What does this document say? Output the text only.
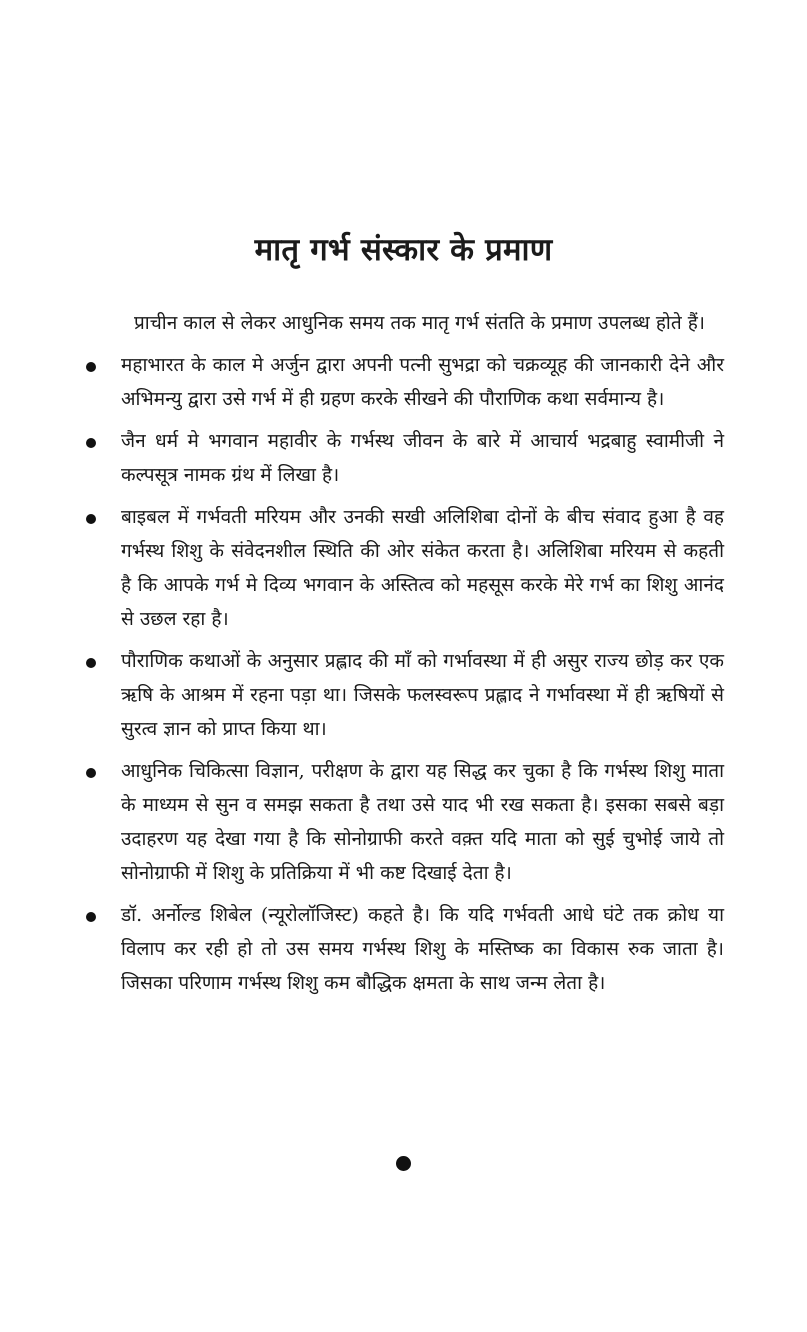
मातृ गर्भ संस्कार के प्रमाण

प्राचीन काल से लेकर आधुनिक समय तक मातृ गर्भ संतति के प्रमाण उपलब्ध होते हैं।

महाभारत के काल मे अर्जुन द्वारा अपनी पत्नी सुभद्रा को चक्रव्यूह की जानकारी देने और अभिमन्यु द्वारा उसे गर्भ में ही ग्रहण करके सीखने की पौराणिक कथा सर्वमान्य है।
जैन धर्म मे भगवान महावीर के गर्भस्थ जीवन के बारे में आचार्य भद्रबाहु स्वामीजी ने कल्पसूत्र नामक ग्रंथ में लिखा है।
बाइबल में गर्भवती मरियम और उनकी सखी अलिशिबा दोनों के बीच संवाद हुआ है वह गर्भस्थ शिशु के संवेदनशील स्थिति की ओर संकेत करता है। अलिशिबा मरियम से कहती है कि आपके गर्भ मे दिव्य भगवान के अस्तित्व को महसूस करके मेरे गर्भ का शिशु आनंद से उछल रहा है।
पौराणिक कथाओं के अनुसार प्रह्लाद की माँ को गर्भावस्था में ही असुर राज्य छोड़ कर एक ऋषि के आश्रम में रहना पड़ा था। जिसके फलस्वरूप प्रह्लाद ने गर्भावस्था में ही ऋषियों से सुरत्व ज्ञान को प्राप्त किया था।
आधुनिक चिकित्सा विज्ञान, परीक्षण के द्वारा यह सिद्ध कर चुका है कि गर्भस्थ शिशु माता के माध्यम से सुन व समझ सकता है तथा उसे याद भी रख सकता है। इसका सबसे बड़ा उदाहरण यह देखा गया है कि सोनोग्राफी करते वक़्त यदि माता को सुई चुभोई जाये तो सोनोग्राफी में शिशु के प्रतिक्रिया में भी कष्ट दिखाई देता है।
डॉ. अर्नोल्ड शिबेल (न्यूरोलॉजिस्ट) कहते है। कि यदि गर्भवती आधे घंटे तक क्रोध या विलाप कर रही हो तो उस समय गर्भस्थ शिशु के मस्तिष्क का विकास रुक जाता है। जिसका परिणाम गर्भस्थ शिशु कम बौद्धिक क्षमता के साथ जन्म लेता है।
